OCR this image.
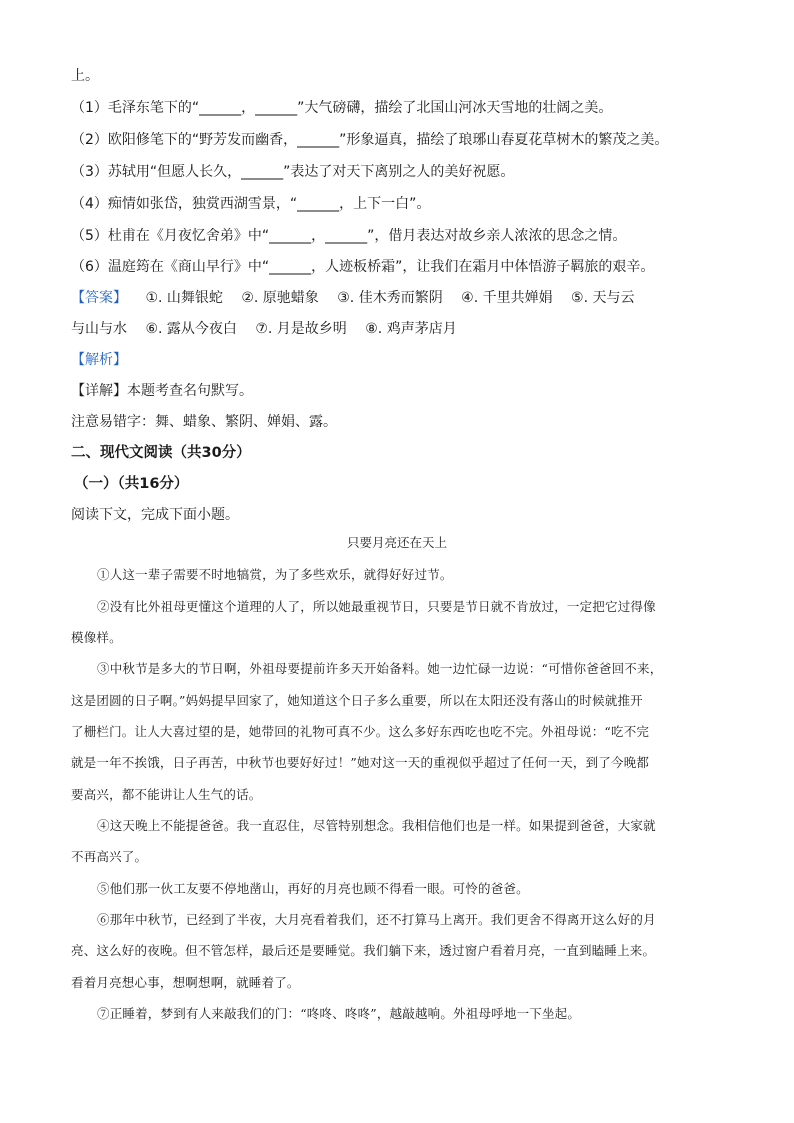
上。
（1）毛泽东笔下的“______，______”大气磅礴，描绘了北国山河冰天雪地的壮阔之美。
（2）欧阳修笔下的“野芳发而幽香，______”形象逼真，描绘了琅琊山春夏花草树木的繁茂之美。
（3）苏轼用“但愿人长久，______”表达了对天下离别之人的美好祝愿。
（4）痴情如张岱，独赏西湖雪景，“______，上下一白”。
（5）杜甫在《月夜忆舍弟》中“______，______”，借月表达对故乡亲人浓浓的思念之情。
（6）温庭筠在《商山早行》中“______，人迹板桥霜”，让我们在霜月中体悟游子羁旅的艰辛。
【答案】 ①. 山舞银蛇　 ②. 原驰蜡象　 ③. 佳木秀而繁阴　 ④. 千里共婵娟　 ⑤. 天与云
与山与水　 ⑥. 露从今夜白　 ⑦. 月是故乡明　 ⑧. 鸡声茅店月
【解析】
【详解】本题考查名句默写。
注意易错字：舞、蜡象、繁阴、婵娟、露。
二、现代文阅读（共30分）
（一）（共16分）
阅读下文，完成下面小题。
只要月亮还在天上
①人这一辈子需要不时地犒赏，为了多些欢乐，就得好好过节。
②没有比外祖母更懂这个道理的人了，所以她最重视节日，只要是节日就不肯放过，一定把它过得像
模像样。
③中秋节是多大的节日啊，外祖母要提前许多天开始备料。她一边忙碌一边说：“可惜你爸爸回不来，
这是团圆的日子啊。”妈妈提早回家了，她知道这个日子多么重要，所以在太阳还没有落山的时候就推开
了栅栏门。让人大喜过望的是，她带回的礼物可真不少。这么多好东西吃也吃不完。外祖母说：“吃不完
就是一年不挨饿，日子再苦，中秋节也要好好过！”她对这一天的重视似乎超过了任何一天，到了今晚都
要高兴，都不能讲让人生气的话。
④这天晚上不能提爸爸。我一直忍住，尽管特别想念。我相信他们也是一样。如果提到爸爸，大家就
不再高兴了。
⑤他们那一伙工友要不停地凿山，再好的月亮也顾不得看一眼。可怜的爸爸。
⑥那年中秋节，已经到了半夜，大月亮看着我们，还不打算马上离开。我们更舍不得离开这么好的月
亮、这么好的夜晚。但不管怎样，最后还是要睡觉。我们躺下来，透过窗户看着月亮，一直到瞌睡上来。
看着月亮想心事，想啊想啊，就睡着了。
⑦正睡着，梦到有人来敲我们的门：“咚咚、咚咚”，越敲越响。外祖母呼地一下坐起。
